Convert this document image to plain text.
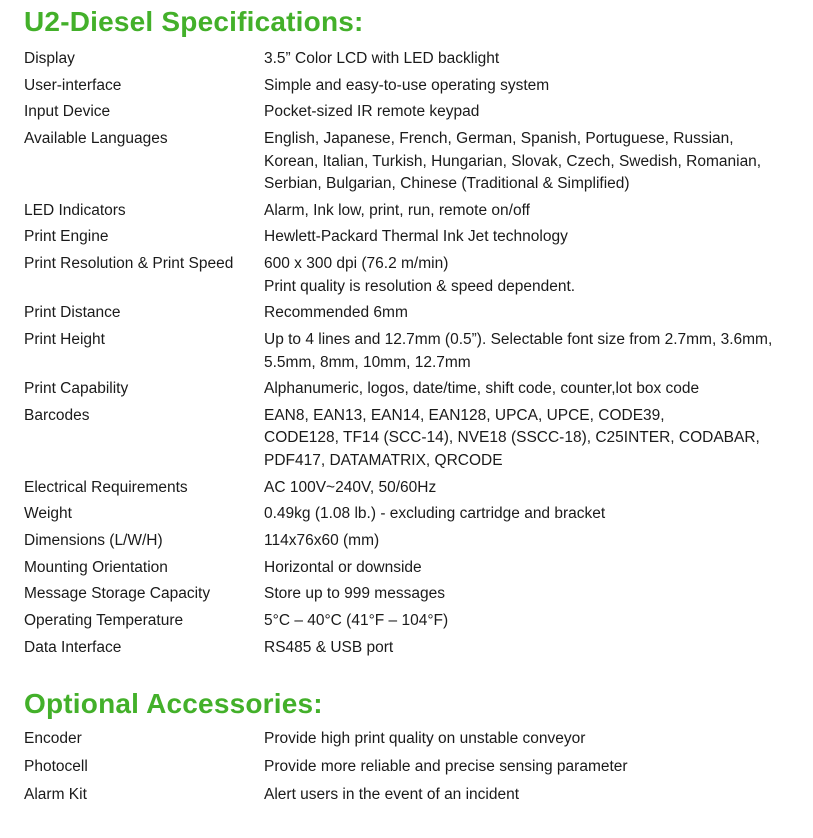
U2-Diesel Specifications:
Display	3.5” Color LCD with LED backlight
User-interface	Simple and easy-to-use operating system
Input Device	Pocket-sized IR remote keypad
Available Languages	English, Japanese, French, German, Spanish, Portuguese, Russian,
Korean, Italian, Turkish, Hungarian, Slovak, Czech, Swedish, Romanian,
Serbian, Bulgarian, Chinese (Traditional & Simplified)
LED Indicators	Alarm, Ink low, print, run, remote on/off
Print Engine	Hewlett-Packard Thermal Ink Jet technology
Print Resolution & Print Speed	600 x 300 dpi (76.2 m/min)
Print quality is resolution & speed dependent.
Print Distance	Recommended 6mm
Print Height	Up to 4 lines and 12.7mm (0.5”). Selectable font size from 2.7mm, 3.6mm,
5.5mm, 8mm, 10mm, 12.7mm
Print Capability	Alphanumeric, logos, date/time, shift code, counter,lot box code
Barcodes	EAN8, EAN13, EAN14, EAN128, UPCA, UPCE, CODE39,
CODE128, TF14 (SCC-14), NVE18 (SSCC-18), C25INTER, CODABAR,
PDF417, DATAMATRIX, QRCODE
Electrical Requirements	AC 100V~240V, 50/60Hz
Weight	0.49kg (1.08 lb.) - excluding cartridge and bracket
Dimensions (L/W/H)	114x76x60 (mm)
Mounting Orientation	Horizontal or downside
Message Storage Capacity	Store up to 999 messages
Operating Temperature	5°C – 40°C (41°F – 104°F)
Data Interface	RS485 & USB port
Optional Accessories:
Encoder	Provide high print quality on unstable conveyor
Photocell	Provide more reliable and precise sensing parameter
Alarm Kit	Alert users in the event of an incident
